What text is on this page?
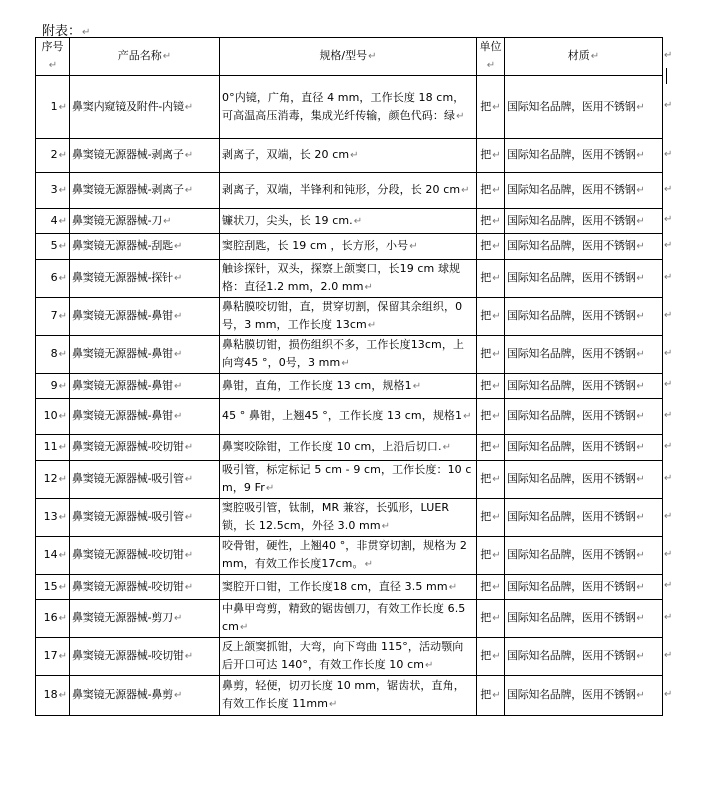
附表：↵
序号↵	产品名称↵	规格/型号↵	单位↵	材质↵
1↵	鼻窦内窥镜及附件-内镜↵	0°内镜，广角，直径 4 mm，工作长度 18 cm，可高温高压消毒，集成光纤传输，颜色代码：绿↵	把↵	国际知名品牌，医用不锈钢↵
2↵	鼻窦镜无源器械-剥离子↵	剥离子，双端，长 20 cm↵	把↵	国际知名品牌，医用不锈钢↵
3↵	鼻窦镜无源器械-剥离子↵	剥离子，双端，半锋利和钝形，分段，长 20 cm↵	把↵	国际知名品牌，医用不锈钢↵
4↵	鼻窦镜无源器械-刀↵	镰状刀，尖头，长 19 cm.↵	把↵	国际知名品牌，医用不锈钢↵
5↵	鼻窦镜无源器械-刮匙↵	窦腔刮匙，长 19 cm ，长方形，小号↵	把↵	国际知名品牌，医用不锈钢↵
6↵	鼻窦镜无源器械-探针↵	触诊探针，双头，探察上颌窦口，长19 cm 球规格：直径1.2 mm，2.0 mm↵	把↵	国际知名品牌，医用不锈钢↵
7↵	鼻窦镜无源器械-鼻钳↵	鼻粘膜咬切钳，直，贯穿切割，保留其余组织，0号，3 mm，工作长度 13cm↵	把↵	国际知名品牌，医用不锈钢↵
8↵	鼻窦镜无源器械-鼻钳↵	鼻粘膜切钳，损伤组织不多，工作长度13cm，上向弯45 °，0号，3 mm↵	把↵	国际知名品牌，医用不锈钢↵
9↵	鼻窦镜无源器械-鼻钳↵	鼻钳，直角，工作长度 13 cm，规格1↵	把↵	国际知名品牌，医用不锈钢↵
10↵	鼻窦镜无源器械-鼻钳↵	45 ° 鼻钳，上翘45 °，工作长度 13 cm，规格1↵	把↵	国际知名品牌，医用不锈钢↵
11↵	鼻窦镜无源器械-咬切钳↵	鼻窦咬除钳，工作长度 10 cm，上沿后切口.↵	把↵	国际知名品牌，医用不锈钢↵
12↵	鼻窦镜无源器械-吸引管↵	吸引管，标定标记 5 cm - 9 cm，工作长度：10 cm，9 Fr↵	把↵	国际知名品牌，医用不锈钢↵
13↵	鼻窦镜无源器械-吸引管↵	窦腔吸引管，钛制，MR 兼容，长弧形，LUER 锁，长 12.5cm，外径 3.0 mm↵	把↵	国际知名品牌，医用不锈钢↵
14↵	鼻窦镜无源器械-咬切钳↵	咬骨钳，硬性，上翘40 °，非贯穿切割，规格为 2 mm，有效工作长度17cm。↵	把↵	国际知名品牌，医用不锈钢↵
15↵	鼻窦镜无源器械-咬切钳↵	窦腔开口钳，工作长度18 cm，直径 3.5 mm↵	把↵	国际知名品牌，医用不锈钢↵
16↵	鼻窦镜无源器械-剪刀↵	中鼻甲弯剪，精致的锯齿刨刀，有效工作长度 6.5 cm↵	把↵	国际知名品牌，医用不锈钢↵
17↵	鼻窦镜无源器械-咬切钳↵	反上颌窦抓钳，大弯，向下弯曲 115°，活动颚向后开口可达 140°，有效工作长度 10 cm↵	把↵	国际知名品牌，医用不锈钢↵
18↵	鼻窦镜无源器械-鼻剪↵	鼻剪，轻便，切刃长度 10 mm，锯齿状，直角，有效工作长度 11mm↵	把↵	国际知名品牌，医用不锈钢↵
↵
↵
↵
↵
↵
↵
↵
↵
↵
↵
↵
↵
↵
↵
↵
↵
↵
↵
↵
